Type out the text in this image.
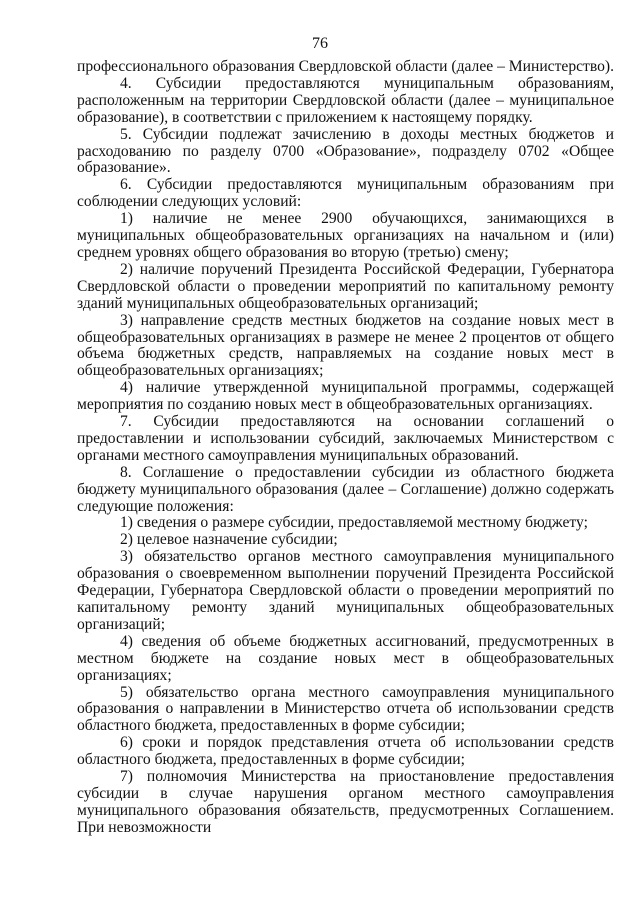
76

профессионального образования Свердловской области (далее – Министерство).

4. Субсидии предоставляются муниципальным образованиям, расположенным на территории Свердловской области (далее – муниципальное образование), в соответствии с приложением к настоящему порядку.

5. Субсидии подлежат зачислению в доходы местных бюджетов и расходованию по разделу 0700 «Образование», подразделу 0702 «Общее образование».

6. Субсидии предоставляются муниципальным образованиям при соблюдении следующих условий:

1) наличие не менее 2900 обучающихся, занимающихся в муниципальных общеобразовательных организациях на начальном и (или) среднем уровнях общего образования во вторую (третью) смену;

2) наличие поручений Президента Российской Федерации, Губернатора Свердловской области о проведении мероприятий по капитальному ремонту зданий муниципальных общеобразовательных организаций;

3) направление средств местных бюджетов на создание новых мест в общеобразовательных организациях в размере не менее 2 процентов от общего объема бюджетных средств, направляемых на создание новых мест в общеобразовательных организациях;

4) наличие утвержденной муниципальной программы, содержащей мероприятия по созданию новых мест в общеобразовательных организациях.

7. Субсидии предоставляются на основании соглашений о предоставлении и использовании субсидий, заключаемых Министерством с органами местного самоуправления муниципальных образований.

8. Соглашение о предоставлении субсидии из областного бюджета бюджету муниципального образования (далее – Соглашение) должно содержать следующие положения:

1) сведения о размере субсидии, предоставляемой местному бюджету;

2) целевое назначение субсидии;

3) обязательство органов местного самоуправления муниципального образования о своевременном выполнении поручений Президента Российской Федерации, Губернатора Свердловской области о проведении мероприятий по капитальному ремонту зданий муниципальных общеобразовательных организаций;

4) сведения об объеме бюджетных ассигнований, предусмотренных в местном бюджете на создание новых мест в общеобразовательных организациях;

5) обязательство органа местного самоуправления муниципального образования о направлении в Министерство отчета об использовании средств областного бюджета, предоставленных в форме субсидии;

6) сроки и порядок представления отчета об использовании средств областного бюджета, предоставленных в форме субсидии;

7) полномочия Министерства на приостановление предоставления субсидии в случае нарушения органом местного самоуправления муниципального образования обязательств, предусмотренных Соглашением. При невозможности
